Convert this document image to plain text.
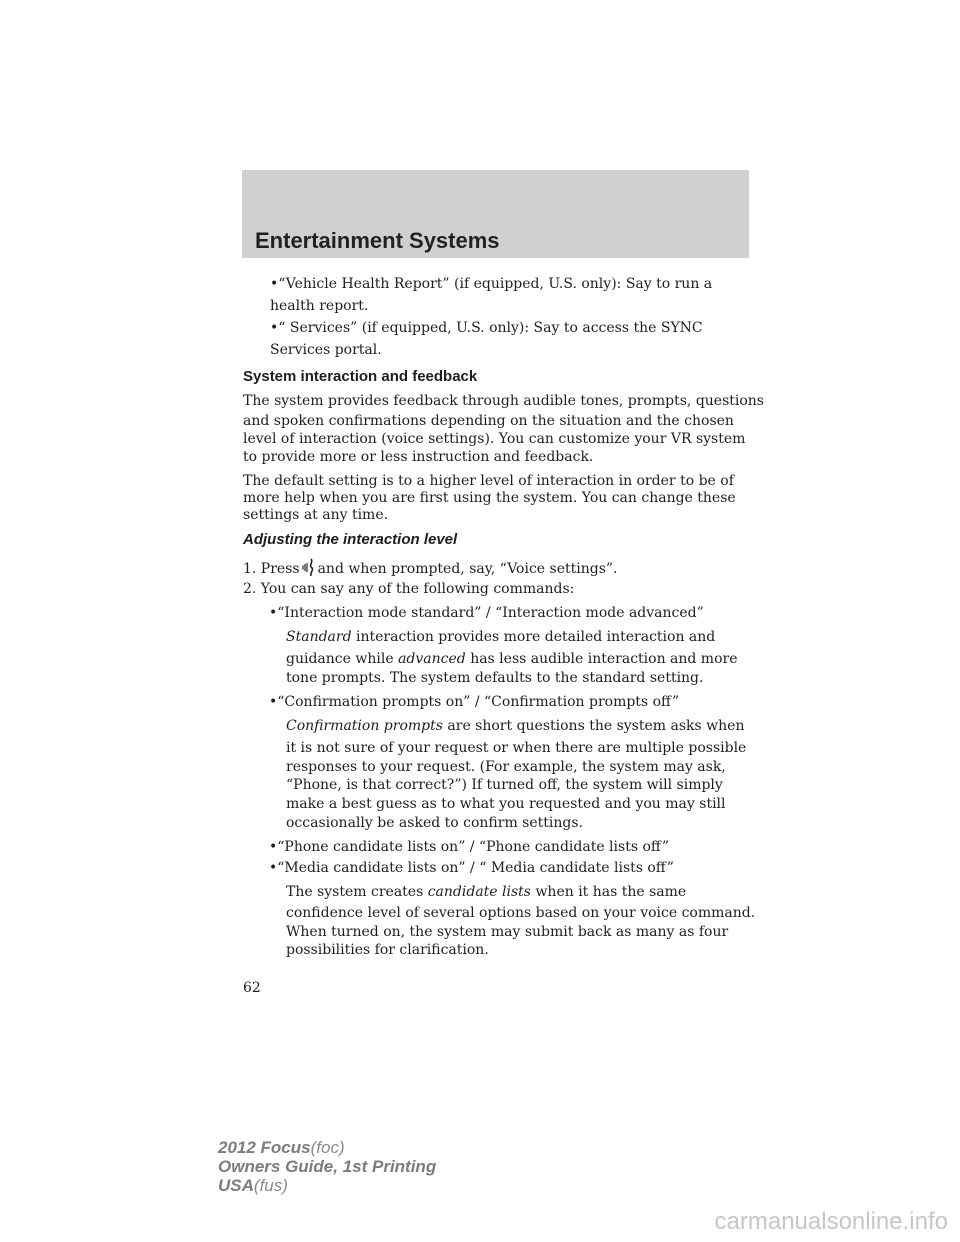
Entertainment Systems

•“Vehicle Health Report” (if equipped, U.S. only): Say to run a

health report.

•“ Services” (if equipped, U.S. only): Say to access the SYNC

Services portal.

System interaction and feedback

The system provides feedback through audible tones, prompts, questions

and spoken confirmations depending on the situation and the chosen

level of interaction (voice settings). You can customize your VR system

to provide more or less instruction and feedback.

The default setting is to a higher level of interaction in order to be of

more help when you are first using the system. You can change these

settings at any time.

Adjusting the interaction level

1. Press and when prompted, say, “Voice settings”.

2. You can say any of the following commands:

•“Interaction mode standard” / “Interaction mode advanced”

Standard interaction provides more detailed interaction and

guidance while advanced has less audible interaction and more

tone prompts. The system defaults to the standard setting.

•“Confirmation prompts on” / “Confirmation prompts off”

Confirmation prompts are short questions the system asks when

it is not sure of your request or when there are multiple possible

responses to your request. (For example, the system may ask,

“Phone, is that correct?”) If turned off, the system will simply

make a best guess as to what you requested and you may still

occasionally be asked to confirm settings.

•“Phone candidate lists on” / “Phone candidate lists off”

•“Media candidate lists on” / “ Media candidate lists off”

The system creates candidate lists when it has the same

confidence level of several options based on your voice command.

When turned on, the system may submit back as many as four

possibilities for clarification.

62
2012 Focus(foc)
Owners Guide, 1st Printing
USA(fus)
carmanualsonline.info
